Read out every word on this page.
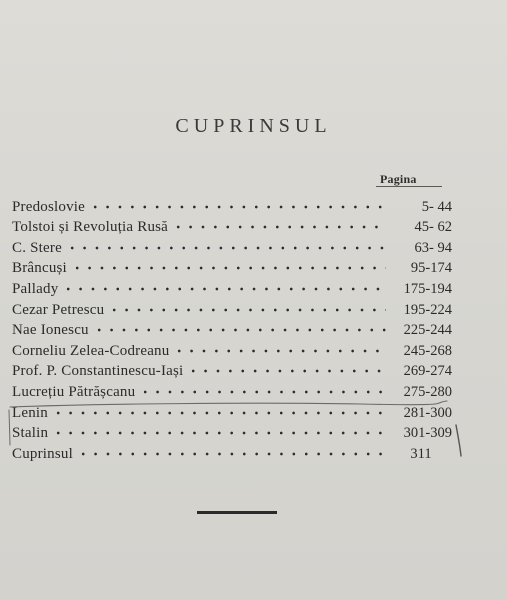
CUPRINSUL
Pagina
Predoslovie	5- 44
Tolstoi și Revoluția Rusă	45- 62
C. Stere	63- 94
Brâncuși	95-174
Pallady	175-194
Cezar Petrescu	195-224
Nae Ionescu	225-244
Corneliu Zelea-Codreanu	245-268
Prof. P. Constantinescu-Iași	269-274
Lucrețiu Pătrășcanu	275-280
Lenin	281-300
Stalin	301-309
Cuprinsul	311
